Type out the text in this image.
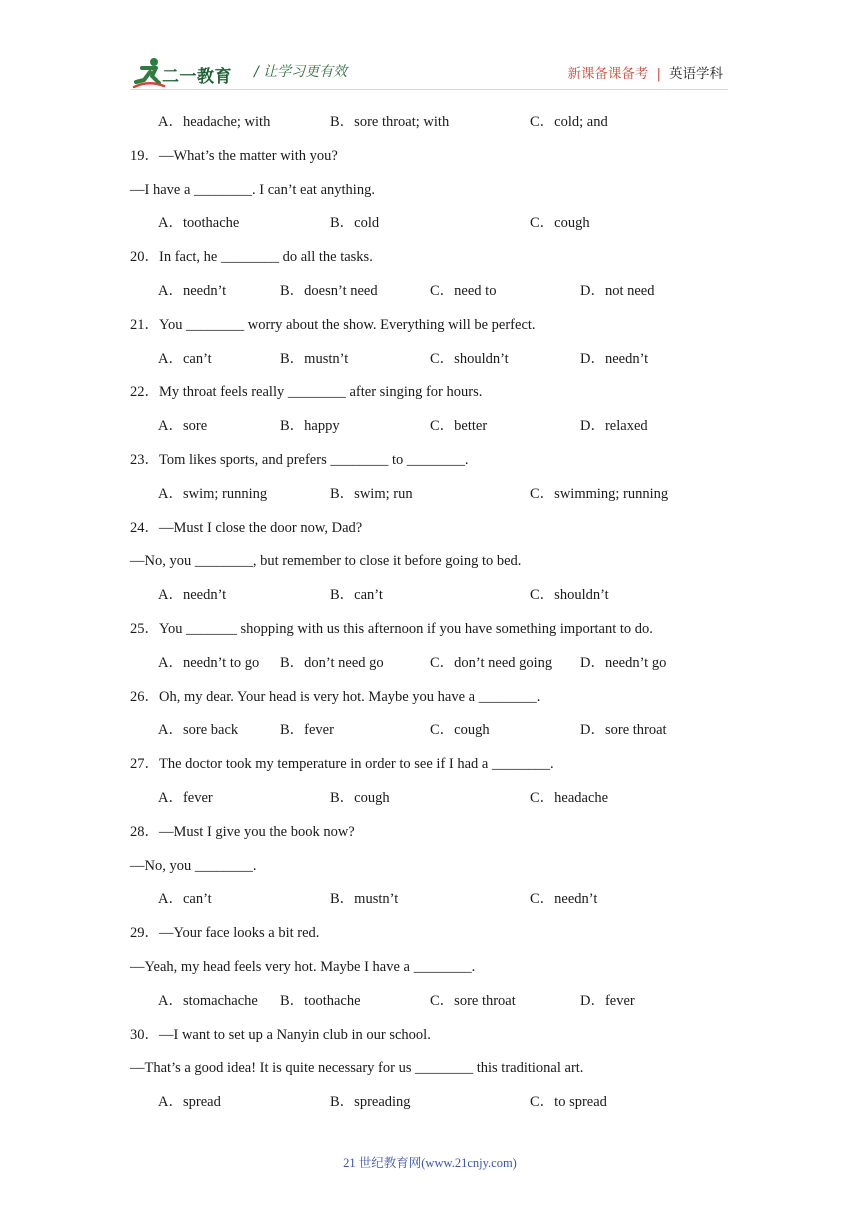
二一教育 / 让学习更有效	新课备课备考 | 英语学科
A．headache; with	B．sore throat; with	C．cold; and
19．—What’s the matter with you?
—I have a ________. I can’t eat anything.
A．toothache	B．cold	C．cough
20．In fact, he ________ do all the tasks.
A．needn’t	B．doesn’t need	C．need to	D．not need
21．You ________ worry about the show. Everything will be perfect.
A．can’t	B．mustn’t	C．shouldn’t	D．needn’t
22．My throat feels really ________ after singing for hours.
A．sore	B．happy	C．better	D．relaxed
23．Tom likes sports, and prefers ________ to ________.
A．swim; running	B．swim; run	C．swimming; running
24．—Must I close the door now, Dad?
—No, you ________, but remember to close it before going to bed.
A．needn’t	B．can’t	C．shouldn’t
25．You _______ shopping with us this afternoon if you have something important to do.
A．needn’t to go B．don’t need go	C．don’t need going D．needn’t go
26．Oh, my dear. Your head is very hot. Maybe you have a ________.
A．sore back	B．fever	C．cough	D．sore throat
27．The doctor took my temperature in order to see if I had a ________.
A．fever	B．cough	C．headache
28．—Must I give you the book now?
—No, you ________.
A．can’t	B．mustn’t	C．needn’t
29．—Your face looks a bit red.
—Yeah, my head feels very hot. Maybe I have a ________.
A．stomachache B．toothache	C．sore throat	D．fever
30．—I want to set up a Nanyin club in our school.
—That’s a good idea! It is quite necessary for us ________ this traditional art.
A．spread	B．spreading	C．to spread
21 世纪教育网(www.21cnjy.com)
